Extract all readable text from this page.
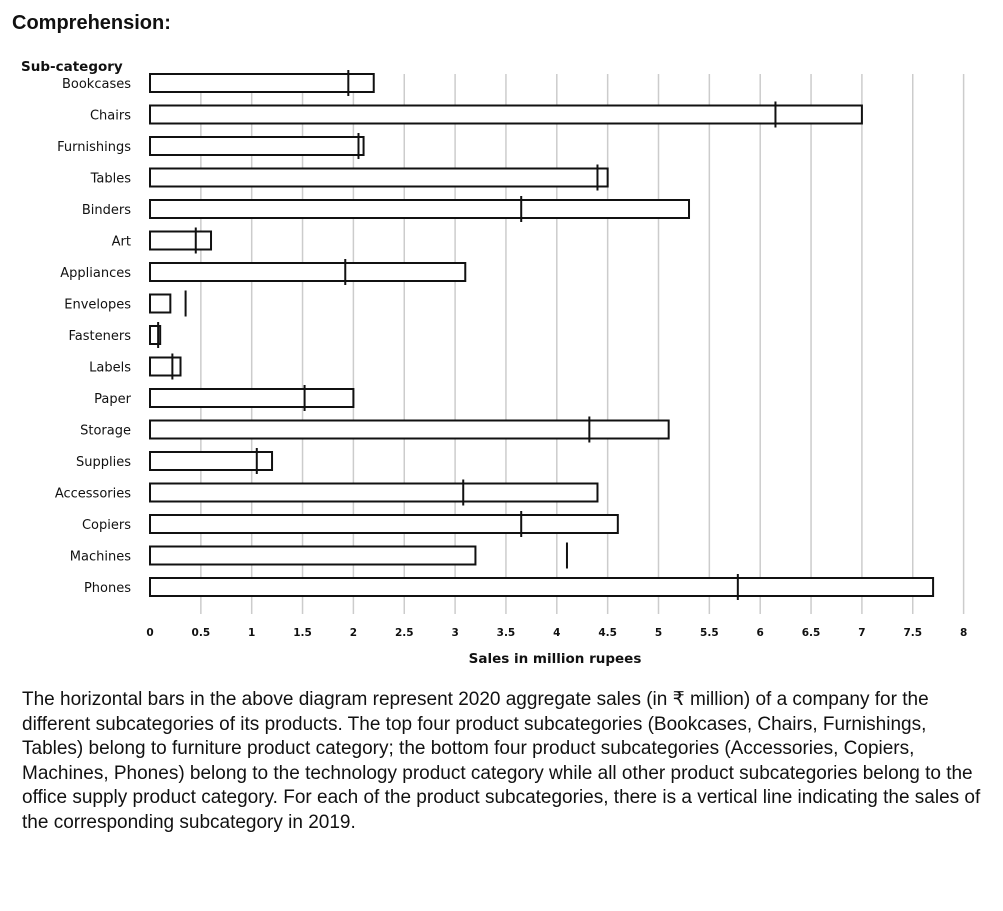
Comprehension:
Bookcases
Chairs
Furnishings
Tables
Binders
Art
Appliances
Envelopes
Fasteners
Labels
Paper
Storage
Supplies
Accessories
Copiers
Machines
Phones
0	0.5	1	1.5	2	2.5	3	3.5	4	4.5	5	5.5	6	6.5	7	7.5	8
Sub-category
Sales in million rupees

The horizontal bars in the above diagram represent 2020 aggregate sales (in ₹ million) of a company for the different subcategories of its products. The top four product subcategories (Bookcases, Chairs, Furnishings, Tables) belong to furniture product category; the bottom four product subcategories (Accessories, Copiers, Machines, Phones) belong to the technology product category while all other product subcategories belong to the office supply product category. For each of the product subcategories, there is a vertical line indicating the sales of the corresponding subcategory in 2019.
